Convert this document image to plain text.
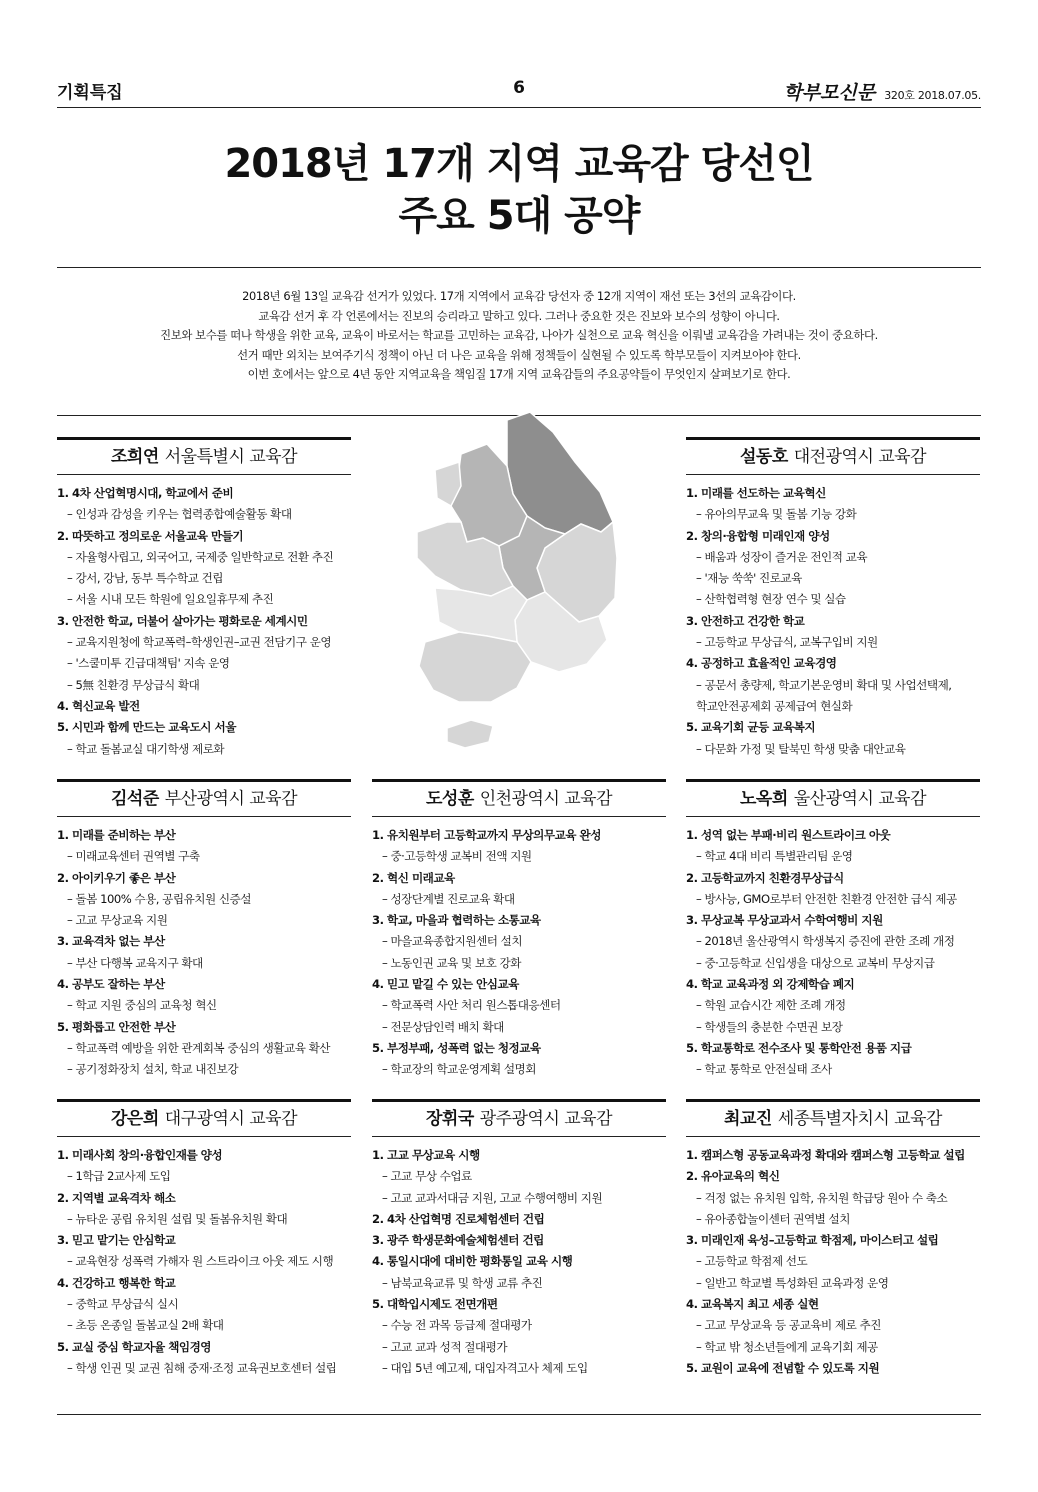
기획특집	6	학부모신문 320호 2018.07.05.
2018년 17개 지역 교육감 당선인
주요 5대 공약
2018년 6월 13일 교육감 선거가 있었다. 17개 지역에서 교육감 당선자 중 12개 지역이 재선 또는 3선의 교육감이다.
교육감 선거 후 각 언론에서는 진보의 승리라고 말하고 있다. 그러나 중요한 것은 진보와 보수의 성향이 아니다.
진보와 보수를 떠나 학생을 위한 교육, 교육이 바로서는 학교를 고민하는 교육감, 나아가 실천으로 교육 혁신을 이뤄낼 교육감을 가려내는 것이 중요하다.
선거 때만 외치는 보여주기식 정책이 아닌 더 나은 교육을 위해 정책들이 실현될 수 있도록 학부모들이 지켜보아야 한다.
이번 호에서는 앞으로 4년 동안 지역교육을 책임질 17개 지역 교육감들의 주요공약들이 무엇인지 살펴보기로 한다.
조희연 서울특별시 교육감
1. 4차 산업혁명시대, 학교에서 준비
– 인성과 감성을 키우는 협력종합예술활동 확대
2. 따뜻하고 정의로운 서울교육 만들기
– 자율형사립고, 외국어고, 국제중 일반학교로 전환 추진
– 강서, 강남, 동부 특수학교 건립
– 서울 시내 모든 학원에 일요일휴무제 추진
3. 안전한 학교, 더불어 살아가는 평화로운 세계시민
– 교육지원청에 학교폭력–학생인권–교권 전담기구 운영
– '스쿨미투 긴급대책팀' 지속 운영
– 5無 친환경 무상급식 확대
4. 혁신교육 발전
5. 시민과 함께 만드는 교육도시 서울
– 학교 돌봄교실 대기학생 제로화
설동호 대전광역시 교육감
1. 미래를 선도하는 교육혁신
– 유아의무교육 및 돌봄 기능 강화
2. 창의·융합형 미래인재 양성
– 배움과 성장이 즐거운 전인적 교육
– '재능 쑥쑥' 진로교육
– 산학협력형 현장 연수 및 실습
3. 안전하고 건강한 학교
– 고등학교 무상급식, 교복구입비 지원
4. 공정하고 효율적인 교육경영
– 공문서 총량제, 학교기본운영비 확대 및 사업선택제,
학교안전공제회 공제급여 현실화
5. 교육기회 균등 교육복지
– 다문화 가정 및 탈북민 학생 맞춤 대안교육
김석준 부산광역시 교육감
1. 미래를 준비하는 부산
– 미래교육센터 권역별 구축
2. 아이키우기 좋은 부산
– 돌봄 100% 수용, 공립유치원 신증설
– 고교 무상교육 지원
3. 교육격차 없는 부산
– 부산 다행복 교육지구 확대
4. 공부도 잘하는 부산
– 학교 지원 중심의 교육청 혁신
5. 평화롭고 안전한 부산
– 학교폭력 예방을 위한 관계회복 중심의 생활교육 확산
– 공기정화장치 설치, 학교 내진보강
도성훈 인천광역시 교육감
1. 유치원부터 고등학교까지 무상의무교육 완성
– 중·고등학생 교복비 전액 지원
2. 혁신 미래교육
– 성장단계별 진로교육 확대
3. 학교, 마을과 협력하는 소통교육
– 마을교육종합지원센터 설치
– 노동인권 교육 및 보호 강화
4. 믿고 맡길 수 있는 안심교육
– 학교폭력 사안 처리 원스톱대응센터
– 전문상담인력 배치 확대
5. 부정부패, 성폭력 없는 청정교육
– 학교장의 학교운영계획 설명회
노옥희 울산광역시 교육감
1. 성역 없는 부패·비리 원스트라이크 아웃
– 학교 4대 비리 특별관리팀 운영
2. 고등학교까지 친환경무상급식
– 방사능, GMO로부터 안전한 친환경 안전한 급식 제공
3. 무상교복 무상교과서 수학여행비 지원
– 2018년 울산광역시 학생복지 증진에 관한 조례 개정
– 중·고등학교 신입생을 대상으로 교복비 무상지급
4. 학교 교육과정 외 강제학습 폐지
– 학원 교습시간 제한 조례 개정
– 학생들의 충분한 수면권 보장
5. 학교통학로 전수조사 및 통학안전 용품 지급
– 학교 통학로 안전실태 조사
강은희 대구광역시 교육감
1. 미래사회 창의·융합인재를 양성
– 1학급 2교사제 도입
2. 지역별 교육격차 해소
– 뉴타운 공립 유치원 설립 및 돌봄유치원 확대
3. 믿고 맡기는 안심학교
– 교육현장 성폭력 가해자 원 스트라이크 아웃 제도 시행
4. 건강하고 행복한 학교
– 중학교 무상급식 실시
– 초등 온종일 돌봄교실 2배 확대
5. 교실 중심 학교자율 책임경영
– 학생 인권 및 교권 침해 중재·조정 교육권보호센터 설립
장휘국 광주광역시 교육감
1. 고교 무상교육 시행
– 고교 무상 수업료
– 고교 교과서대금 지원, 고교 수행여행비 지원
2. 4차 산업혁명 진로체험센터 건립
3. 광주 학생문화예술체험센터 건립
4. 통일시대에 대비한 평화통일 교육 시행
– 남북교육교류 및 학생 교류 추진
5. 대학입시제도 전면개편
– 수능 전 과목 등급제 절대평가
– 고교 교과 성적 절대평가
– 대입 5년 예고제, 대입자격고사 체제 도입
최교진 세종특별자치시 교육감
1. 캠퍼스형 공동교육과정 확대와 캠퍼스형 고등학교 설립
2. 유아교육의 혁신
– 걱정 없는 유치원 입학, 유치원 학급당 원아 수 축소
– 유아종합놀이센터 권역별 설치
3. 미래인재 육성–고등학교 학점제, 마이스터고 설립
– 고등학교 학점제 선도
– 일반고 학교별 특성화된 교육과정 운영
4. 교육복지 최고 세종 실현
– 고교 무상교육 등 공교육비 제로 추진
– 학교 밖 청소년들에게 교육기회 제공
5. 교원이 교육에 전념할 수 있도록 지원
